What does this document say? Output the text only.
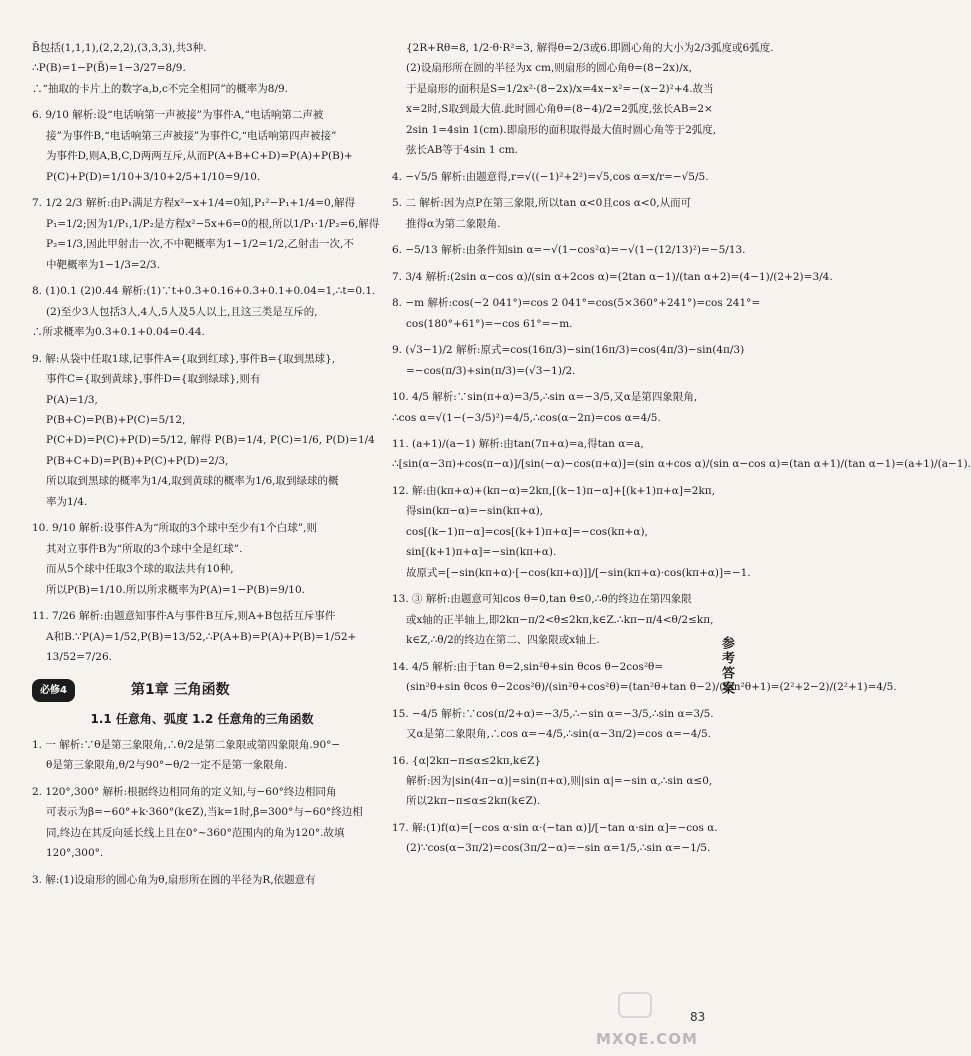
B̄包括(1,1,1),(2,2,2),(3,3,3),共3种.
∴P(B)=1−P(B̄)=1−3/27=8/9.
∴“抽取的卡片上的数字a,b,c不完全相同”的概率为8/9.
6. 9/10 解析:设“电话响第一声被接”为事件A,“电话响第二声被
接”为事件B,“电话响第三声被接”为事件C,“电话响第四声被接”
为事件D,则A,B,C,D两两互斥,从而P(A+B+C+D)=P(A)+P(B)+
P(C)+P(D)=1/10+3/10+2/5+1/10=9/10.
7. 1/2 2/3 解析:由P₁满足方程x²−x+1/4=0知,P₁²−P₁+1/4=0,解得
P₁=1/2;因为1/P₁,1/P₂是方程x²−5x+6=0的根,所以1/P₁·1/P₂=6,解得
P₂=1/3,因此甲射击一次,不中靶概率为1−1/2=1/2,乙射击一次,不
中靶概率为1−1/3=2/3.
8. (1)0.1 (2)0.44 解析:(1)∵t+0.3+0.16+0.3+0.1+0.04=1,∴t=0.1.
(2)至少3人包括3人,4人,5人及5人以上,且这三类是互斥的,
∴所求概率为0.3+0.1+0.04=0.44.
9. 解:从袋中任取1球,记事件A={取到红球},事件B={取到黑球},
事件C={取到黄球},事件D={取到绿球},则有
P(A)=1/3,
P(B+C)=P(B)+P(C)=5/12,
P(C+D)=P(C)+P(D)=5/12, 解得 P(B)=1/4, P(C)=1/6, P(D)=1/4
P(B+C+D)=P(B)+P(C)+P(D)=2/3,
所以取到黑球的概率为1/4,取到黄球的概率为1/6,取到绿球的概
率为1/4.
10. 9/10 解析:设事件A为“所取的3个球中至少有1个白球”,则
其对立事件B为“所取的3个球中全是红球”.
而从5个球中任取3个球的取法共有10种,
所以P(B)=1/10.所以所求概率为P(A)=1−P(B)=9/10.
11. 7/26 解析:由题意知事件A与事件B互斥,则A+B包括互斥事件
A和B.∵P(A)=1/52,P(B)=13/52,∴P(A+B)=P(A)+P(B)=1/52+
13/52=7/26.
必修4	第1章 三角函数
1.1 任意角、弧度 1.2 任意角的三角函数
1. 一 解析:∵θ是第三象限角,∴θ/2是第二象限或第四象限角.90°−
θ是第三象限角,θ/2与90°−θ/2一定不是第一象限角.
2. 120°,300° 解析:根据终边相同角的定义知,与−60°终边相同角
可表示为β=−60°+k·360°(k∈Z),当k=1时,β=300°与−60°终边相
同,终边在其反向延长线上且在0°~360°范围内的角为120°.故填
120°,300°.
3. 解:(1)设扇形的圆心角为θ,扇形所在圆的半径为R,依题意有
{2R+Rθ=8, 1/2·θ·R²=3, 解得θ=2/3或6.即圆心角的大小为2/3弧度或6弧度.
(2)设扇形所在圆的半径为x cm,则扇形的圆心角θ=(8−2x)/x,
于是扇形的面积是S=1/2x²·(8−2x)/x=4x−x²=−(x−2)²+4.故当
x=2时,S取到最大值.此时圆心角θ=(8−4)/2=2弧度,弦长AB=2×
2sin 1=4sin 1(cm).即扇形的面积取得最大值时圆心角等于2弧度,
弦长AB等于4sin 1 cm.
4. −√5/5 解析:由题意得,r=√((−1)²+2²)=√5,cos α=x/r=−√5/5.
5. 二 解析:因为点P在第三象限,所以tan α<0且cos α<0,从而可
推得α为第二象限角.
6. −5/13 解析:由条件知sin α=−√(1−cos²α)=−√(1−(12/13)²)=−5/13.
7. 3/4 解析:(2sin α−cos α)/(sin α+2cos α)=(2tan α−1)/(tan α+2)=(4−1)/(2+2)=3/4.
8. −m 解析:cos(−2 041°)=cos 2 041°=cos(5×360°+241°)=cos 241°=
cos(180°+61°)=−cos 61°=−m.
9. (√3−1)/2 解析:原式=cos(16π/3)−sin(16π/3)=cos(4π/3)−sin(4π/3)
=−cos(π/3)+sin(π/3)=(√3−1)/2.
10. 4/5 解析:∵sin(π+α)=3/5,∴sin α=−3/5,又α是第四象限角,
∴cos α=√(1−(−3/5)²)=4/5,∴cos(α−2π)=cos α=4/5.
11. (a+1)/(a−1) 解析:由tan(7π+α)=a,得tan α=a,
∴[sin(α−3π)+cos(π−α)]/[sin(−α)−cos(π+α)]=(sin α+cos α)/(sin α−cos α)=(tan α+1)/(tan α−1)=(a+1)/(a−1).
12. 解:由(kπ+α)+(kπ−α)=2kπ,[(k−1)π−α]+[(k+1)π+α]=2kπ,
得sin(kπ−α)=−sin(kπ+α),
cos[(k−1)π−α]=cos[(k+1)π+α]=−cos(kπ+α),
sin[(k+1)π+α]=−sin(kπ+α).
故原式=[−sin(kπ+α)·[−cos(kπ+α)]]/[−sin(kπ+α)·cos(kπ+α)]=−1.
13. ③ 解析:由题意可知cos θ=0,tan θ≤0,∴θ的终边在第四象限
或x轴的正半轴上,即2kπ−π/2<θ≤2kπ,k∈Z.∴kπ−π/4<θ/2≤kπ,
k∈Z,∴θ/2的终边在第二、四象限或x轴上.
14. 4/5 解析:由于tan θ=2,sin²θ+sin θcos θ−2cos²θ=
(sin²θ+sin θcos θ−2cos²θ)/(sin²θ+cos²θ)=(tan²θ+tan θ−2)/(tan²θ+1)=(2²+2−2)/(2²+1)=4/5.
15. −4/5 解析:∵cos(π/2+α)=−3/5,∴−sin α=−3/5,∴sin α=3/5.
又α是第二象限角,∴cos α=−4/5,∴sin(α−3π/2)=cos α=−4/5.
16. {α|2kπ−π≤α≤2kπ,k∈Z}
解析:因为|sin(4π−α)|=sin(π+α),则|sin α|=−sin α,∴sin α≤0,
所以2kπ−π≤α≤2kπ(k∈Z).
17. 解:(1)f(α)=[−cos α·sin α·(−tan α)]/[−tan α·sin α]=−cos α.
(2)∵cos(α−3π/2)=cos(3π/2−α)=−sin α=1/5,∴sin α=−1/5.
参考答案
MXQE.COM
83
